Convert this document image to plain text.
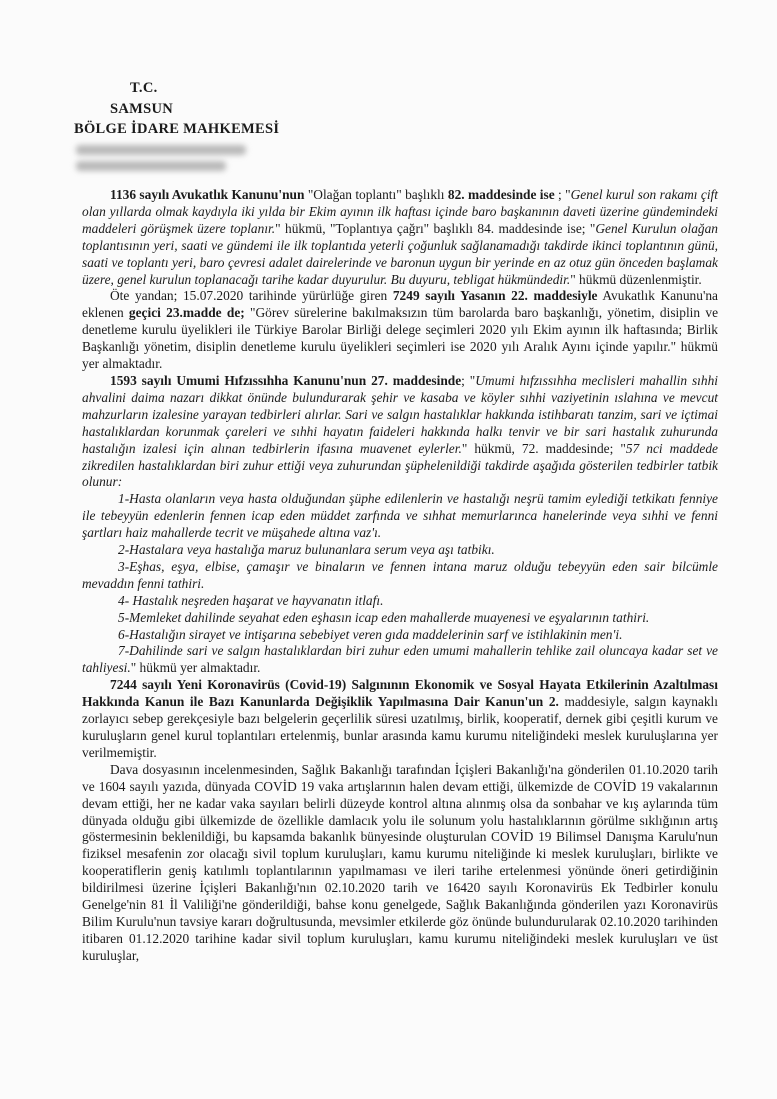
T.C.
SAMSUN
BÖLGE İDARE MAHKEMESİ

1136 sayılı Avukatlık Kanunu'nun "Olağan toplantı" başlıklı 82. maddesinde ise ; "Genel kurul son rakamı çift olan yıllarda olmak kaydıyla iki yılda bir Ekim ayının ilk haftası içinde baro başkanının daveti üzerine gündemindeki maddeleri görüşmek üzere toplanır." hükmü, "Toplantıya çağrı" başlıklı 84. maddesinde ise; "Genel Kurulun olağan toplantısının yeri, saati ve gündemi ile ilk toplantıda yeterli çoğunluk sağlanamadığı takdirde ikinci toplantının günü, saati ve toplantı yeri, baro çevresi adalet dairelerinde ve baronun uygun bir yerinde en az otuz gün önceden başlamak üzere, genel kurulun toplanacağı tarihe kadar duyurulur. Bu duyuru, tebligat hükmündedir." hükmü düzenlenmiştir.

Öte yandan; 15.07.2020 tarihinde yürürlüğe giren 7249 sayılı Yasanın 22. maddesiyle Avukatlık Kanunu'na eklenen geçici 23.madde de; "Görev sürelerine bakılmaksızın tüm barolarda baro başkanlığı, yönetim, disiplin ve denetleme kurulu üyelikleri ile Türkiye Barolar Birliği delege seçimleri 2020 yılı Ekim ayının ilk haftasında; Birlik Başkanlığı yönetim, disiplin denetleme kurulu üyelikleri seçimleri ise 2020 yılı Aralık Ayını içinde yapılır." hükmü yer almaktadır.

1593 sayılı Umumi Hıfzıssıhha Kanunu'nun 27. maddesinde; "Umumi hıfzıssıhha meclisleri mahallin sıhhi ahvalini daima nazarı dikkat önünde bulundurarak şehir ve kasaba ve köyler sıhhi vaziyetinin ıslahına ve mevcut mahzurların izalesine yarayan tedbirleri alırlar. Sari ve salgın hastalıklar hakkında istihbaratı tanzim, sari ve içtimai hastalıklardan korunmak çareleri ve sıhhi hayatın faideleri hakkında halkı tenvir ve bir sari hastalık zuhurunda hastalığın izalesi için alınan tedbirlerin ifasına muavenet eylerler." hükmü, 72. maddesinde; "57 nci maddede zikredilen hastalıklardan biri zuhur ettiği veya zuhurundan şüphelenildiği takdirde aşağıda gösterilen tedbirler tatbik olunur:

1-Hasta olanların veya hasta olduğundan şüphe edilenlerin ve hastalığı neşrü tamim eylediği tetkikatı fenniye ile tebeyyün edenlerin fennen icap eden müddet zarfında ve sıhhat memurlarınca hanelerinde veya sıhhi ve fenni şartları haiz mahallerde tecrit ve müşahede altına vaz'ı.

2-Hastalara veya hastalığa maruz bulunanlara serum veya aşı tatbikı.

3-Eşhas, eşya, elbise, çamaşır ve binaların ve fennen intana maruz olduğu tebeyyün eden sair bilcümle mevaddın fenni tathiri.

4- Hastalık neşreden haşarat ve hayvanatın itlafı.

5-Memleket dahilinde seyahat eden eşhasın icap eden mahallerde muayenesi ve eşyalarının tathiri.

6-Hastalığın sirayet ve intişarına sebebiyet veren gıda maddelerinin sarf ve istihlakinin men'i.

7-Dahilinde sari ve salgın hastalıklardan biri zuhur eden umumi mahallerin tehlike zail oluncaya kadar set ve tahliyesi." hükmü yer almaktadır.

7244 sayılı Yeni Koronavirüs (Covid-19) Salgınının Ekonomik ve Sosyal Hayata Etkilerinin Azaltılması Hakkında Kanun ile Bazı Kanunlarda Değişiklik Yapılmasına Dair Kanun'un 2. maddesiyle, salgın kaynaklı zorlayıcı sebep gerekçesiyle bazı belgelerin geçerlilik süresi uzatılmış, birlik, kooperatif, dernek gibi çeşitli kurum ve kuruluşların genel kurul toplantıları ertelenmiş, bunlar arasında kamu kurumu niteliğindeki meslek kuruluşlarına yer verilmemiştir.

Dava dosyasının incelenmesinden, Sağlık Bakanlığı tarafından İçişleri Bakanlığı'na gönderilen 01.10.2020 tarih ve 1604 sayılı yazıda, dünyada COVİD 19 vaka artışlarının halen devam ettiği, ülkemizde de COVİD 19 vakalarının devam ettiği, her ne kadar vaka sayıları belirli düzeyde kontrol altına alınmış olsa da sonbahar ve kış aylarında tüm dünyada olduğu gibi ülkemizde de özellikle damlacık yolu ile solunum yolu hastalıklarının görülme sıklığının artış göstermesinin beklenildiği, bu kapsamda bakanlık bünyesinde oluşturulan COVİD 19 Bilimsel Danışma Karulu'nun fiziksel mesafenin zor olacağı sivil toplum kuruluşları, kamu kurumu niteliğinde ki meslek kuruluşları, birlikte ve kooperatiflerin geniş katılımlı toplantılarının yapılmaması ve ileri tarihe ertelenmesi yönünde öneri getirdiğinin bildirilmesi üzerine İçişleri Bakanlığı'nın 02.10.2020 tarih ve 16420 sayılı Koronavirüs Ek Tedbirler konulu Genelge'nin 81 İl Valiliği'ne gönderildiği, bahse konu genelgede, Sağlık Bakanlığında gönderilen yazı Koronavirüs Bilim Kurulu'nun tavsiye kararı doğrultusunda, mevsimler etkilerde göz önünde bulundurularak 02.10.2020 tarihinden itibaren 01.12.2020 tarihine kadar sivil toplum kuruluşları, kamu kurumu niteliğindeki meslek kuruluşları ve üst kuruluşlar,
